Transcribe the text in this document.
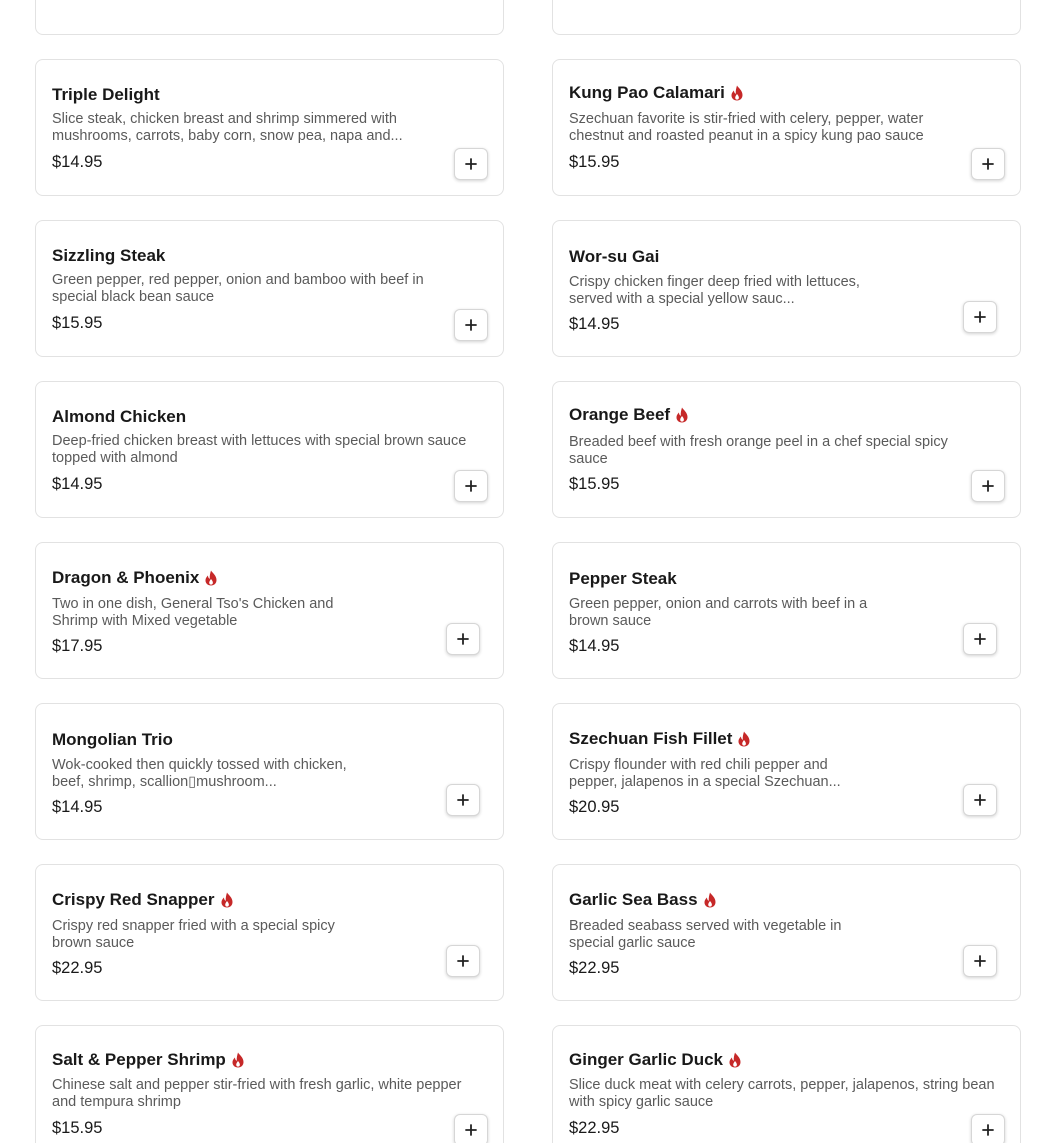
Triple Delight
Slice steak, chicken breast and shrimp simmered with mushrooms, carrots, baby corn, snow pea, napa and...
$14.95
Kung Pao Calamari
Szechuan favorite is stir-fried with celery, pepper, water chestnut and roasted peanut in a spicy kung pao sauce
$15.95
Sizzling Steak
Green pepper, red pepper, onion and bamboo with beef in special black bean sauce
$15.95
Wor-su Gai
Crispy chicken finger deep fried with lettuces, served with a special yellow sauc...
$14.95
Almond Chicken
Deep-fried chicken breast with lettuces with special brown sauce topped with almond
$14.95
Orange Beef
Breaded beef with fresh orange peel in a chef special spicy sauce
$15.95
Dragon & Phoenix
Two in one dish, General Tso's Chicken and Shrimp with Mixed vegetable
$17.95
Pepper Steak
Green pepper, onion and carrots with beef in a brown sauce
$14.95
Mongolian Trio
Wok-cooked then quickly tossed with chicken, beef, shrimp, scallion▯mushroom...
$14.95
Szechuan Fish Fillet
Crispy flounder with red chili pepper and pepper, jalapenos in a special Szechuan...
$20.95
Crispy Red Snapper
Crispy red snapper fried with a special spicy brown sauce
$22.95
Garlic Sea Bass
Breaded seabass served with vegetable in special garlic sauce
$22.95
Salt & Pepper Shrimp
Chinese salt and pepper stir-fried with fresh garlic, white pepper and tempura shrimp
$15.95
Ginger Garlic Duck
Slice duck meat with celery carrots, pepper, jalapenos, string bean with spicy garlic sauce
$22.95
